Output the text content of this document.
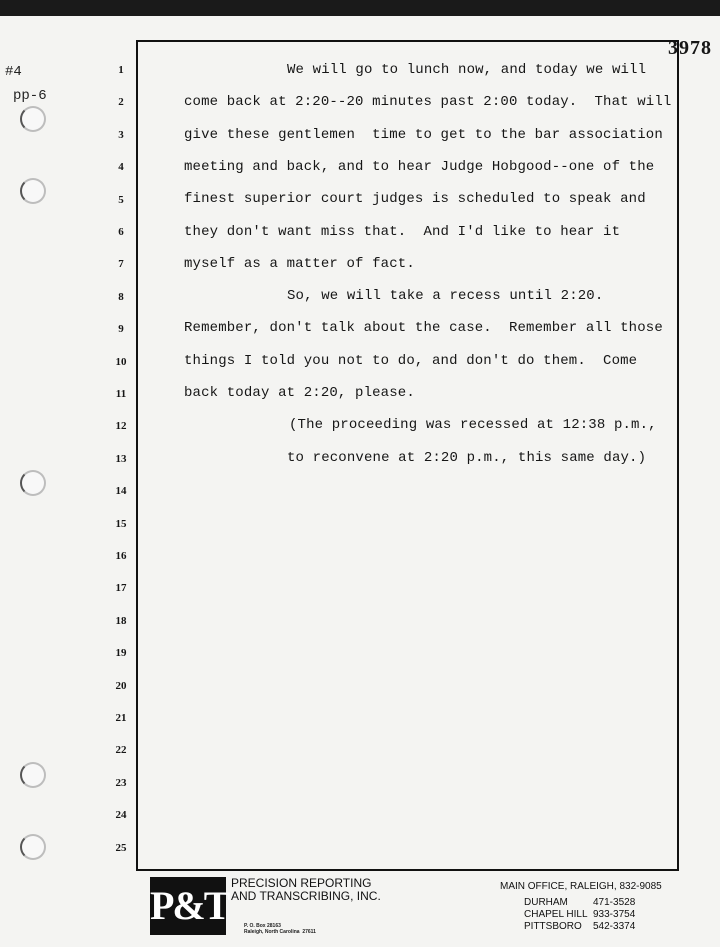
#4
pp-6
3978
1
2
3
4
5
6
7
8
9
10
11
12
13
14
15
16
17
18
19
20
21
22
23
24
25
We will go to lunch now, and today we will
come back at 2:20--20 minutes past 2:00 today.  That will
give these gentlemen  time to get to the bar association
meeting and back, and to hear Judge Hobgood--one of the
finest superior court judges is scheduled to speak and
they don't want miss that.  And I'd like to hear it
myself as a matter of fact.
So, we will take a recess until 2:20.
Remember, don't talk about the case.  Remember all those
things I told you not to do, and don't do them.  Come
back today at 2:20, please.
(The proceeding was recessed at 12:38 p.m.,
to reconvene at 2:20 p.m., this same day.)
P&T PRECISION REPORTING
AND TRANSCRIBING, INC.
P. O. Box 28163
Raleigh, North Carolina  27611
MAIN OFFICE, RALEIGH, 832-9085
DURHAM	471-3528
CHAPEL HILL 933-3754
PITTSBORO 542-3374
